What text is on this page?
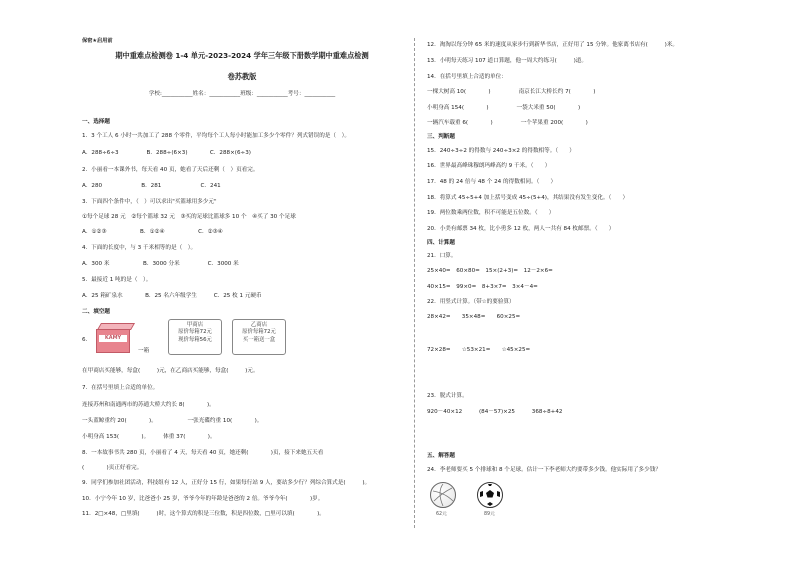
保密★启用前
期中重难点检测卷 1-4 单元-2023-2024 学年三年级下册数学期中重难点检测
卷苏教版
学校:___________姓名：___________班级：___________考号：___________
一、选择题
1．3 个工人 6 小时一共加工了 288 个零件，平均每个工人每小时能加工多少个零件？列式错误的是（　）。
A．288÷6÷3　　　　　B．288÷(6×3)　　　　C．288×(6÷3)
2．小丽看一本课外书，每天看 40 页，她看了天后还剩（　）页看完。
A．280　　　　　　　B．281　　　　　　　C．241
3．下面四个条件中，（　）可以求出"买篮球用多少元"
①每个足球 28 元　②每个篮球 32 元　③买的足球比篮球多 10 个　④买了 30 个足球
A．①②③　　　　　　B．①②④　　　　　　C．②③④
4．下面的长度中，与 3 千米相等的是（　）。
A．300 米　　　　　　B．3000 分米　　　　　C．3000 米
5．最接近 1 吨的是（　）。
A．25 箱矿泉水　　　　B．25 名六年级学生　　　C．25 枚 1 元硬币
二、填空题
6．	KAMY
一箱
甲商店
原价每箱72元
现价每箱56元
乙商店
原价每箱72元
买一箱送一盒
在甲商店买能够，每盒(　　　)元，在乙商店买能够，每盒(　　　)元。
7．在括号里填上合适的单位。
连接苏州和南通两市的苏通大桥大约长 8(　　　　)。
一头蓝鲸重约 20(　　　　)。　　　　　　一张光碟约重 10(　　　　)。
小明身高 153(　　　　)。　　　体重 37(　　　　)。
8．一本故事书共 280 页，小丽看了 4 天，每天看 40 页，她还剩(　　　　)页，接下来她五天看
(　　　　)页正好看完。
9．同学们参加社团活动，科技组有 12 人，正好分 15 行，如果每行站 9 人，要站多少行？列综合算式是(　　　)。
10．小宁今年 10 岁，比爸爸小 25 岁，爷爷今年的年龄是爸爸的 2 倍。爷爷今年(　　　　)岁。
11．2□×48，□里填(　　　)时，这个算式的积是三位数，积是四位数，□里可以填(　　　　)。
12．淘淘以每分钟 65 米的速度从家步行到新华书店，正好用了 15 分钟。他家离书店有(　　　)米。
13．小明每天练习 107 道口算题，他一周大约练习(　　　)道。
14．在括号里填上合适的单位：
一棵大树高 10(　　　　)　　　　　南京长江大桥长约 7(　　　　)
小明身高 154(　　　　)　　　　　一袋大米重 50(　　　　)
一辆汽车载重 6(　　　　)　　　　　一个苹果重 200(　　　　)
三、判断题
15．240÷3÷2 的得数与 240÷3×2 的得数相等。（　　）
16．世界最高峰珠穆朗玛峰高约 9 千米。（　　）
17．48 的 24 倍与 48 个 24 的得数相同。（　　）
18．将算式 45÷5+4 加上括号变成 45÷(5+4)，其结果没有发生变化。（　　）
19．两位数乘两位数，积不可能是五位数。（　　）
20．小美有邮票 34 枚，比小勇多 12 枚，两人一共有 84 枚邮票。（　　）
四、计算题
21．口算。
25×40=　60×80=　15×(2+3)=　12－2×6=
40×15=　99×0=　8+3×7=　3×4－4=
22．用竖式计算。（带☆的要验算）
28×42=　　35×48=　　60×25=
72×28=　　☆53×21=　　☆45×25=
23．脱式计算。
920－40×12　　　(84－57)×25　　　368÷8+42
五、解答题
24．李老师要买 5 个排球和 8 个足球。估计一下李老师大约要带多少钱。他实际用了多少钱？
62元	89元
